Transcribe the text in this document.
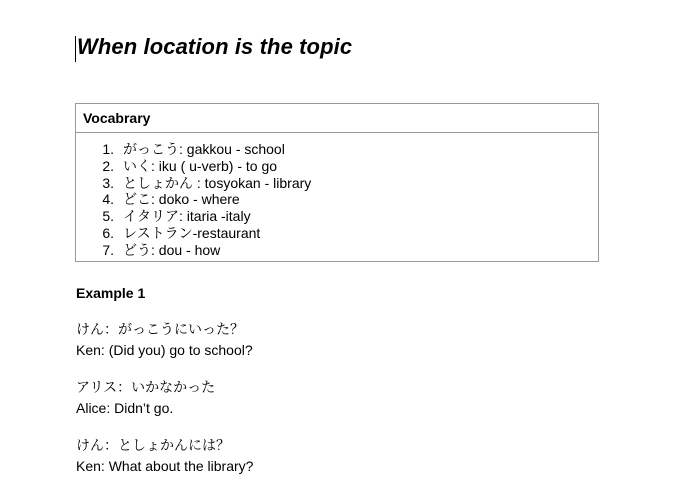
When location is the topic
Vocabrary
1. がっこう: gakkou - school
2. いく: iku ( u-verb) - to go
3. としょかん : tosyokan - library
4. どこ: doko - where
5. イタリア: itaria -italy
6. レストラン-restaurant
7. どう: dou - how
Example 1
けん：がっこうにいった？
Ken: (Did you) go to school?
アリス：いかなかった
Alice: Didn’t go.
けん：としょかんには？
Ken: What about the library?
